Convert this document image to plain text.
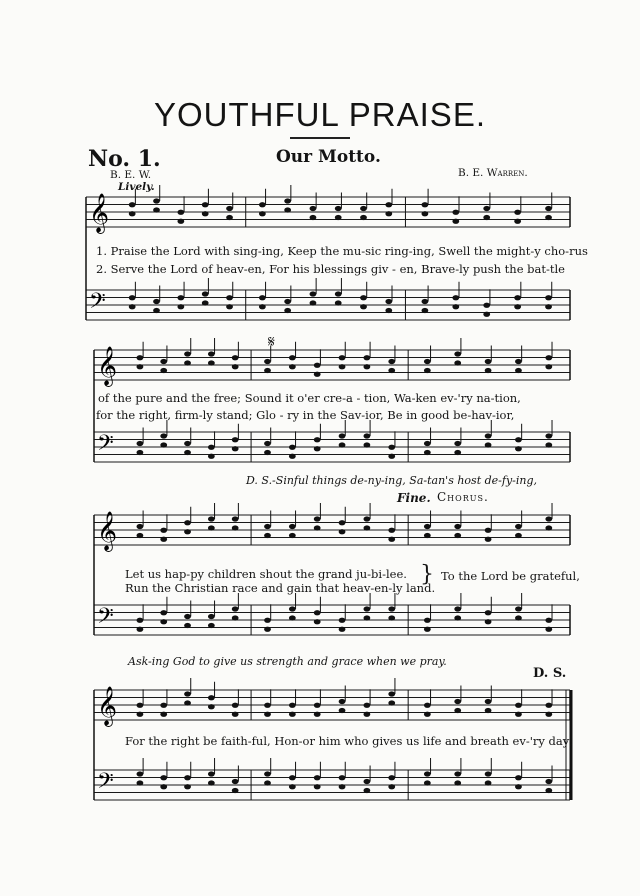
YOUTHFUL PRAISE.
No. 1.	Our Motto.
B. E. W.	B. E. Warren.
Lively.
𝄞
𝄢
𝄞
𝄢
𝄞
𝄢
𝄞
𝄢
1. Praise the Lord with sing-ing, Keep the mu-sic ring-ing, Swell the might-y cho-rus
2. Serve the Lord of heav-en, For his blessings giv - en, Brave-ly push the bat-tle
𝄋
of the pure and the free; Sound it o'er cre-a - tion, Wa-ken ev-'ry na-tion,
for the right, firm-ly stand; Glo - ry in the Sav-ior, Be in good be-hav-ior,
D. S.-Sinful things de-ny-ing, Sa-tan's host de-fy-ing,
Fine. Chorus.
Let us hap-py children shout the grand ju-bi-lee.
Run the Christian race and gain that heav-en-ly land.
} To the Lord be grateful,
Ask-ing God to give us strength and grace when we pray.
D. S.
For the right be faith-ful, Hon-or him who gives us life and breath ev-'ry day;
